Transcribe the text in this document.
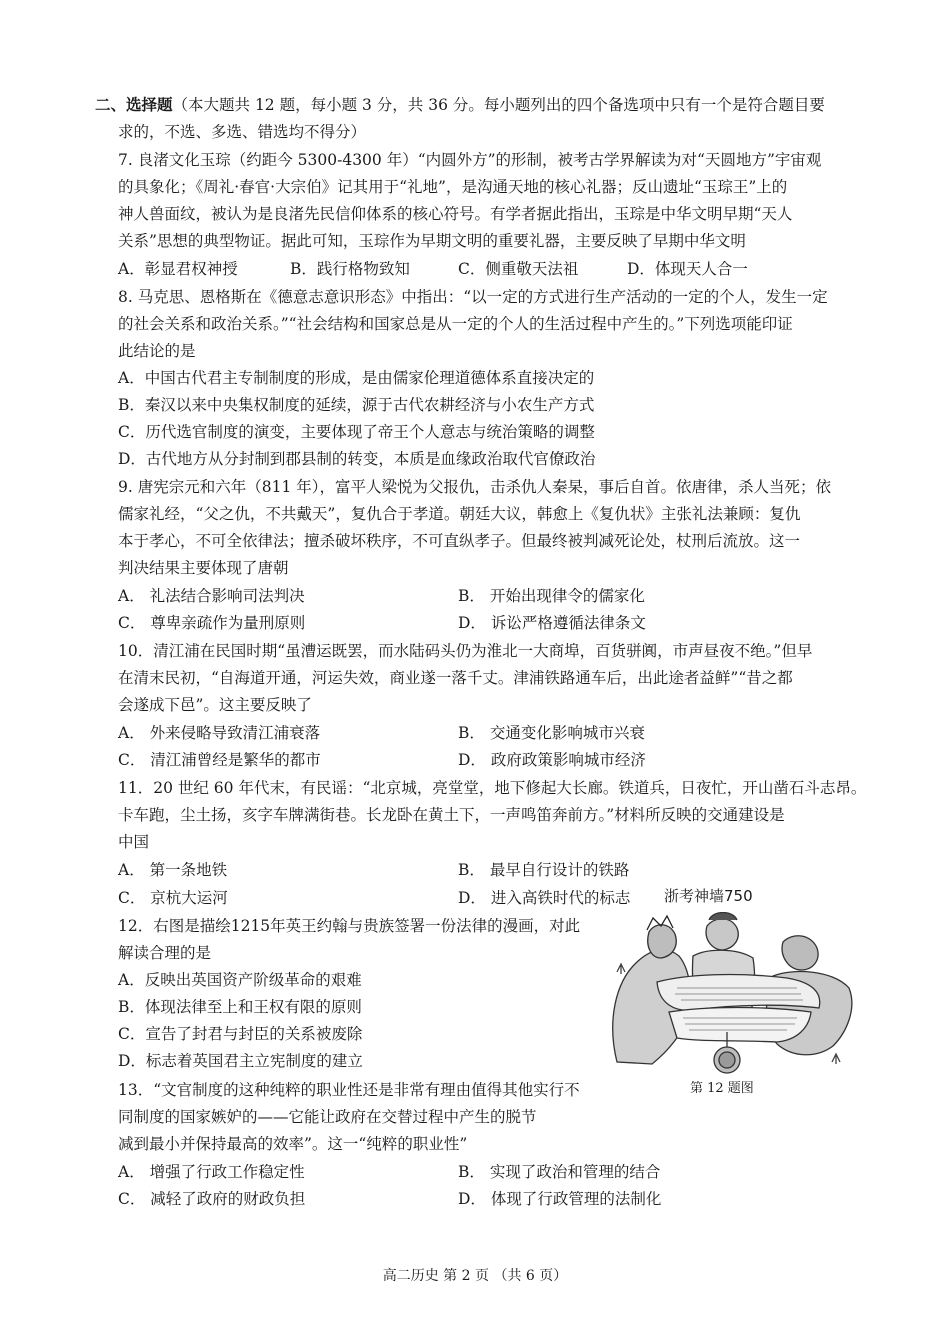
二、选择题（本大题共 12 题，每小题 3 分，共 36 分。每小题列出的四个备选项中只有一个是符合题目要
求的，不选、多选、错选均不得分）
7. 良渚文化玉琮（约距今 5300-4300 年）“内圆外方”的形制，被考古学界解读为对“天圆地方”宇宙观
的具象化；《周礼·春官·大宗伯》记其用于“礼地”，是沟通天地的核心礼器；反山遗址“玉琮王”上的
神人兽面纹，被认为是良渚先民信仰体系的核心符号。有学者据此指出，玉琮是中华文明早期“天人
关系”思想的典型物证。据此可知，玉琮作为早期文明的重要礼器，主要反映了早期中华文明
A．彰显君权神授	B．践行格物致知	C．侧重敬天法祖	D．体现天人合一
8. 马克思、恩格斯在《德意志意识形态》中指出：“以一定的方式进行生产活动的一定的个人，发生一定
的社会关系和政治关系。”“社会结构和国家总是从一定的个人的生活过程中产生的。”下列选项能印证
此结论的是
A．中国古代君主专制制度的形成，是由儒家伦理道德体系直接决定的
B．秦汉以来中央集权制度的延续，源于古代农耕经济与小农生产方式
C．历代选官制度的演变，主要体现了帝王个人意志与统治策略的调整
D．古代地方从分封制到郡县制的转变，本质是血缘政治取代官僚政治
9. 唐宪宗元和六年（811 年），富平人梁悦为父报仇，击杀仇人秦杲，事后自首。依唐律，杀人当死；依
儒家礼经，“父之仇，不共戴天”，复仇合于孝道。朝廷大议，韩愈上《复仇状》主张礼法兼顾：复仇
本于孝心，不可全依律法；擅杀破坏秩序，不可直纵孝子。但最终被判减死论处，杖刑后流放。这一
判决结果主要体现了唐朝
A． 礼法结合影响司法判决	B． 开始出现律令的儒家化
C． 尊卑亲疏作为量刑原则	D． 诉讼严格遵循法律条文
10．清江浦在民国时期“虽漕运既罢，而水陆码头仍为淮北一大商埠，百货骈阗，市声昼夜不绝。”但早
在清末民初，“自海道开通，河运失效，商业遂一落千丈。津浦铁路通车后，出此途者益鲜”“昔之都
会遂成下邑”。这主要反映了
A． 外来侵略导致清江浦衰落	B． 交通变化影响城市兴衰
C． 清江浦曾经是繁华的都市	D． 政府政策影响城市经济
11．20 世纪 60 年代末，有民谣：“北京城，亮堂堂，地下修起大长廊。铁道兵，日夜忙，开山凿石斗志昂。
卡车跑，尘土扬，亥字车牌满街巷。长龙卧在黄土下，一声鸣笛奔前方。”材料所反映的交通建设是
中国
A． 第一条地铁	B． 最早自行设计的铁路
C． 京杭大运河	D． 进入高铁时代的标志 浙考神墙750
12．右图是描绘1215年英王约翰与贵族签署一份法律的漫画，对此
解读合理的是
A．反映出英国资产阶级革命的艰难
B．体现法律至上和王权有限的原则
C．宣告了封君与封臣的关系被废除
D．标志着英国君主立宪制度的建立
第 12 题图
13．“文官制度的这种纯粹的职业性还是非常有理由值得其他实行不
同制度的国家嫉妒的——它能让政府在交替过程中产生的脱节
减到最小并保持最高的效率”。这一“纯粹的职业性”
A． 增强了行政工作稳定性	B． 实现了政治和管理的结合
C． 减轻了政府的财政负担	D． 体现了行政管理的法制化
高二历史 第 2 页 （共 6 页）
